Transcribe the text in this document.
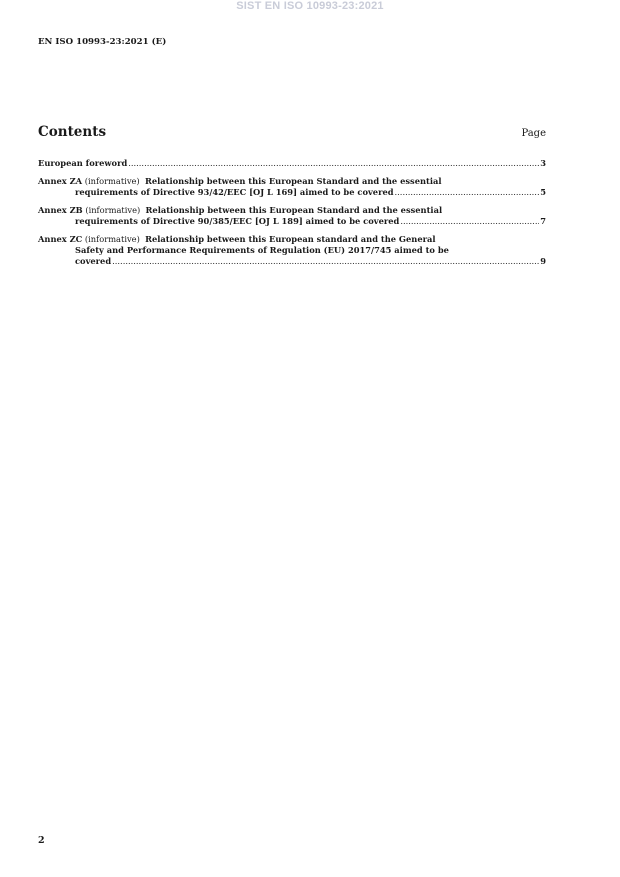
SIST EN ISO 10993-23:2021
EN ISO 10993-23:2021 (E)
Contents	Page
European foreword .....	3
Annex ZA
(informative)
Relationship between this European Standard and the essential
requirements of Directive 93/42/EEC [OJ L 169] aimed to be covered .....	5
Annex ZB
(informative)
Relationship between this European Standard and the essential
requirements of Directive 90/385/EEC [OJ L 189] aimed to be covered .....	7
Annex ZC
(informative)
Relationship between this European standard and the General
Safety and Performance Requirements of Regulation (EU) 2017/745 aimed to be
covered .....	9
2
